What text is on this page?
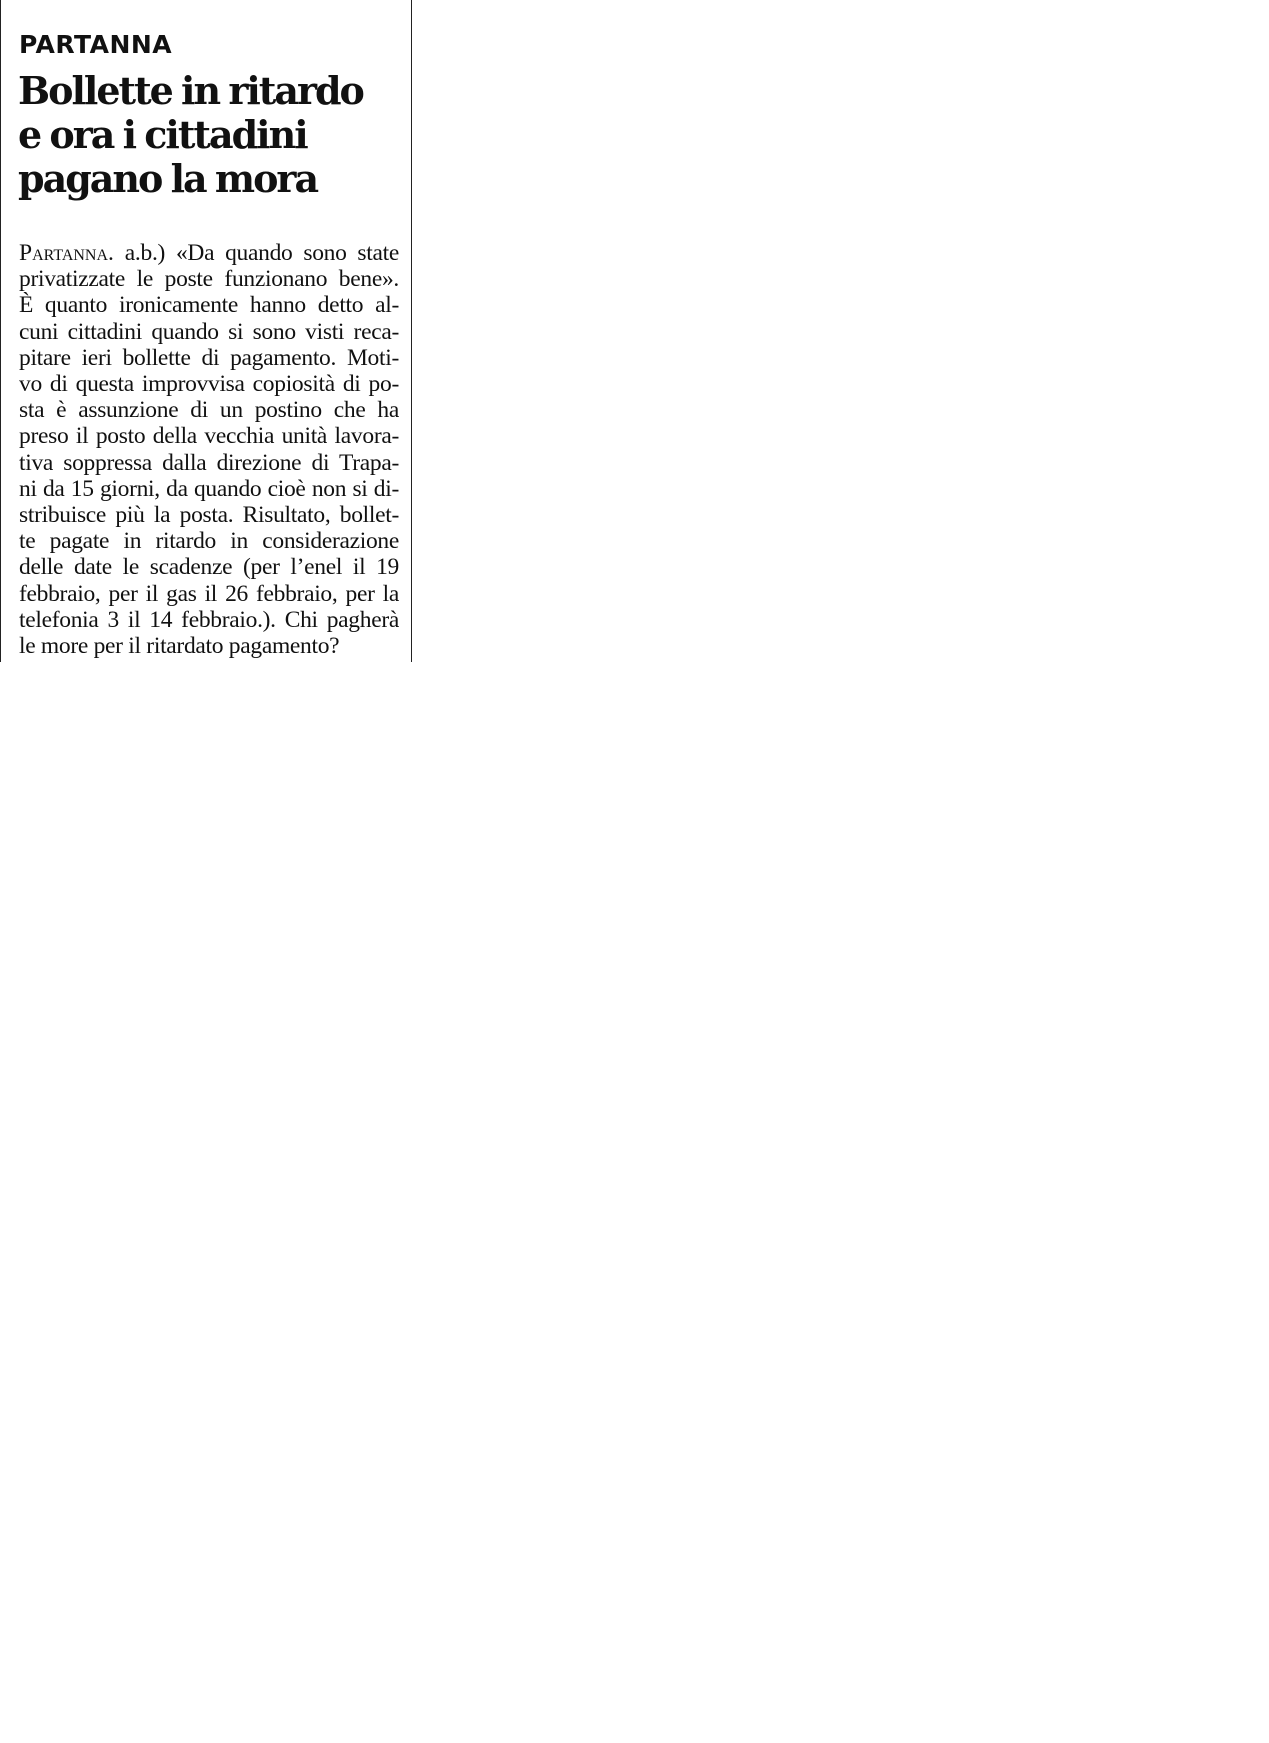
PARTANNA
Bollette in ritardo
e ora i cittadini
pagano la mora
Partanna. a.b.) «Da quando sono state
privatizzate le poste funzionano bene».
È quanto ironicamente hanno detto al-
cuni cittadini quando si sono visti reca-
pitare ieri bollette di pagamento. Moti-
vo di questa improvvisa copiosità di po-
sta è assunzione di un postino che ha
preso il posto della vecchia unità lavora-
tiva soppressa dalla direzione di Trapa-
ni da 15 giorni, da quando cioè non si di-
stribuisce più la posta. Risultato, bollet-
te pagate in ritardo in considerazione
delle date le scadenze (per l’enel il 19
febbraio, per il gas il 26 febbraio, per la
telefonia 3 il 14 febbraio.). Chi pagherà
le more per il ritardato pagamento?
